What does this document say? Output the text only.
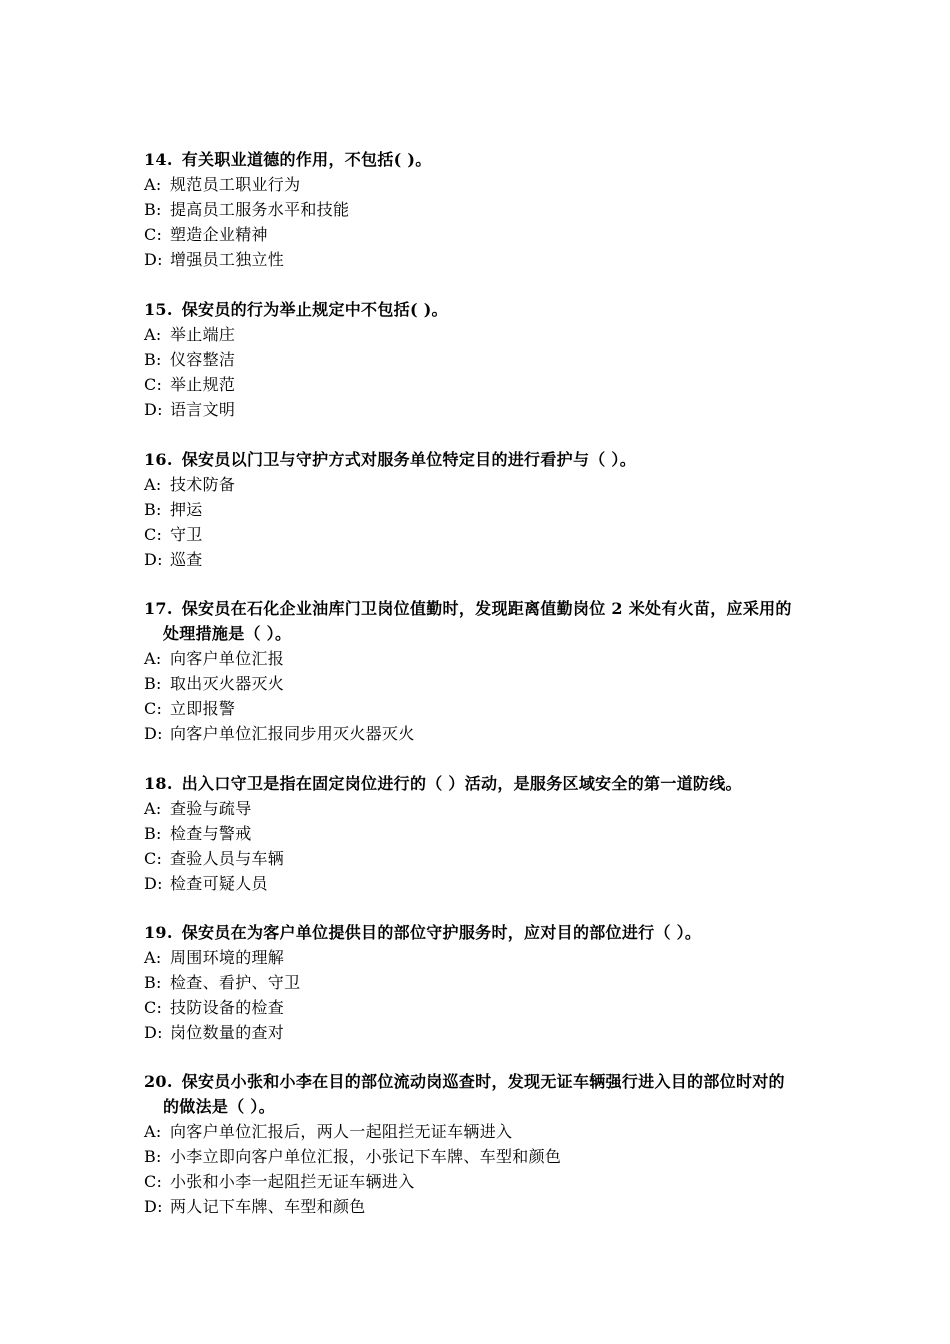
14. 有关职业道德的作用，不包括( )。
A: 规范员工职业行为
B: 提高员工服务水平和技能
C: 塑造企业精神
D: 增强员工独立性
15. 保安员的行为举止规定中不包括( )。
A: 举止端庄
B: 仪容整洁
C: 举止规范
D: 语言文明
16. 保安员以门卫与守护方式对服务单位特定目的进行看护与（ ）。
A: 技术防备
B: 押运
C: 守卫
D: 巡查
17. 保安员在石化企业油库门卫岗位值勤时，发现距离值勤岗位 2 米处有火苗，应采用的
处理措施是（ ）。
A: 向客户单位汇报
B: 取出灭火器灭火
C: 立即报警
D: 向客户单位汇报同步用灭火器灭火
18. 出入口守卫是指在固定岗位进行的（ ）活动，是服务区域安全的第一道防线。
A: 查验与疏导
B: 检查与警戒
C: 查验人员与车辆
D: 检查可疑人员
19. 保安员在为客户单位提供目的部位守护服务时，应对目的部位进行（ ）。
A: 周围环境的理解
B: 检查、看护、守卫
C: 技防设备的检查
D: 岗位数量的查对
20. 保安员小张和小李在目的部位流动岗巡查时，发现无证车辆强行进入目的部位时对的
的做法是（ ）。
A: 向客户单位汇报后，两人一起阻拦无证车辆进入
B: 小李立即向客户单位汇报，小张记下车牌、车型和颜色
C: 小张和小李一起阻拦无证车辆进入
D: 两人记下车牌、车型和颜色
